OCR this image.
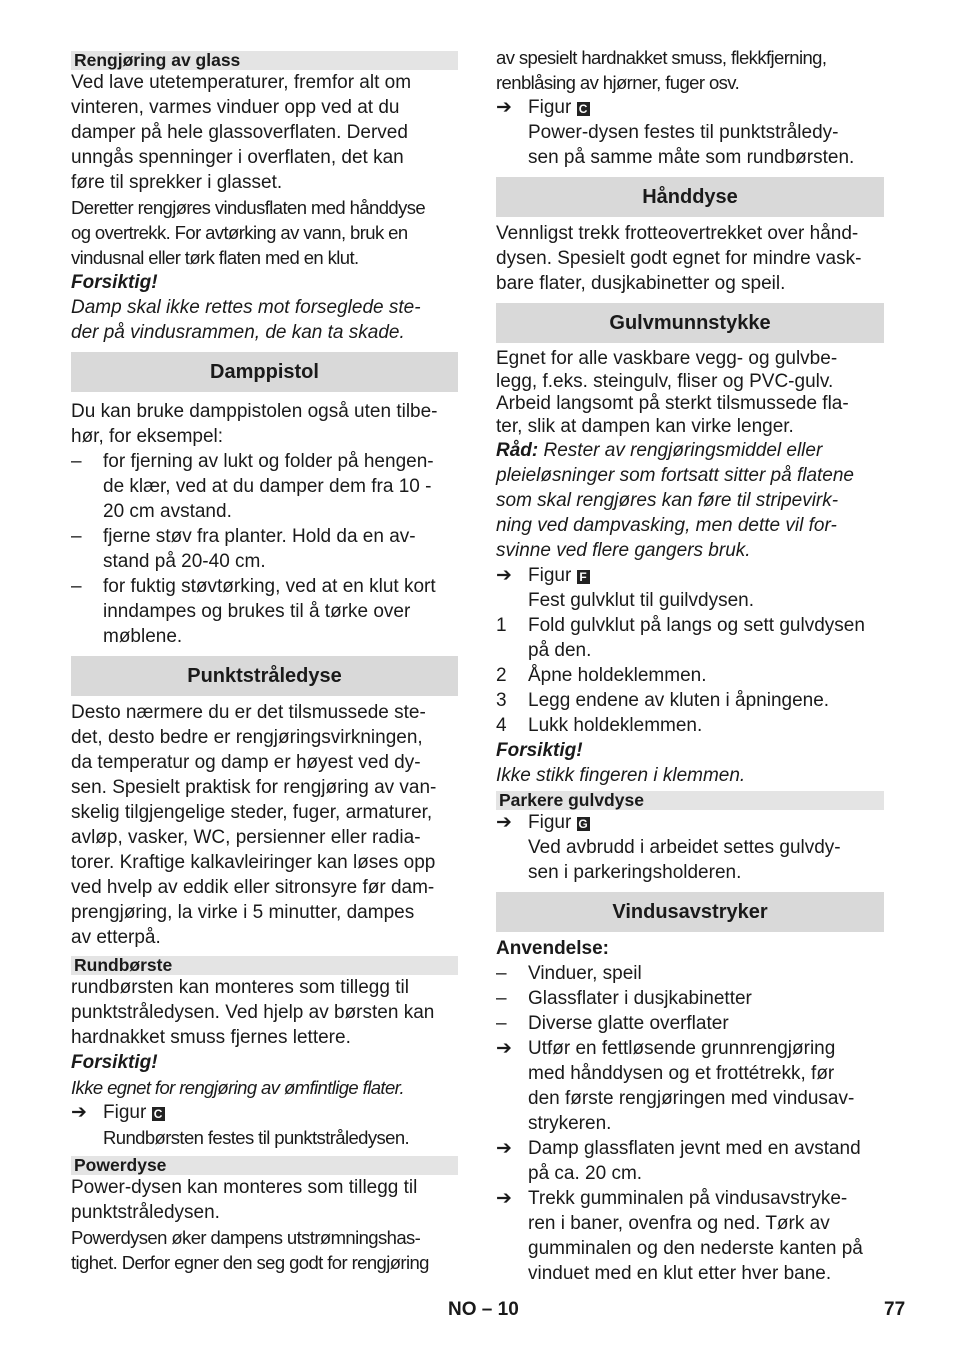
Rengjøring av glass
Ved lave utetemperaturer, fremfor alt om
vinteren, varmes vinduer opp ved at du
damper på hele glassoverflaten. Derved
unngås spenninger i overflaten, det kan
føre til sprekker i glasset.
Deretter rengjøres vindusflaten med hånddyse
og overtrekk. For avtørking av vann, bruk en
vindusnal eller tørk flaten med en klut.
Forsiktig!
Damp skal ikke rettes mot forseglede ste-
der på vindusrammen, de kan ta skade.
Damppistol
Du kan bruke damppistolen også uten tilbe-
hør, for eksempel:
–	for fjerning av lukt og folder på hengen-
de klær, ved at du damper dem fra 10 -
20 cm avstand.
–	fjerne støv fra planter. Hold da en av-
stand på 20-40 cm.
–	for fuktig støvtørking, ved at en klut kort
inndampes og brukes til å tørke over
møblene.
Punktstråledyse
Desto nærmere du er det tilsmussede ste-
det, desto bedre er rengjøringsvirkningen,
da temperatur og damp er høyest ved dy-
sen. Spesielt praktisk for rengjøring av van-
skelig tilgjengelige steder, fuger, armaturer,
avløp, vasker, WC, persienner eller radia-
torer. Kraftige kalkavleiringer kan løses opp
ved hvelp av eddik eller sitronsyre før dam-
prengjøring, la virke i 5 minutter, dampes
av etterpå.
Rundbørste
rundbørsten kan monteres som tillegg til
punktstråledysen. Ved hjelp av børsten kan
hardnakket smuss fjernes lettere.
Forsiktig!
Ikke egnet for rengjøring av ømfintlige flater.
➔ Figur C
Rundbørsten festes til punktstråledysen.
Powerdyse
Power-dysen kan monteres som tillegg til
punktstråledysen.
Powerdysen øker dampens utstrømningshas-
tighet. Derfor egner den seg godt for rengjøring
av spesielt hardnakket smuss, flekkfjerning,
renblåsing av hjørner, fuger osv.
➔ Figur C
Power-dysen festes til punktstråledy-
sen på samme måte som rundbørsten.
Hånddyse
Vennligst trekk frotteovertrekket over hånd-
dysen. Spesielt godt egnet for mindre vask-
bare flater, dusjkabinetter og speil.
Gulvmunnstykke
Egnet for alle vaskbare vegg- og gulvbe-
legg, f.eks. steingulv, fliser og PVC-gulv.
Arbeid langsomt på sterkt tilsmussede fla-
ter, slik at dampen kan virke lenger.
Råd: Rester av rengjøringsmiddel eller
pleieløsninger som fortsatt sitter på flatene
som skal rengjøres kan føre til stripevirk-
ning ved dampvasking, men dette vil for-
svinne ved flere gangers bruk.
➔ Figur F
Fest gulvklut til guilvdysen.
1	Fold gulvklut på langs og sett gulvdysen
på den.
2	Åpne holdeklemmen.
3	Legg endene av kluten i åpningene.
4	Lukk holdeklemmen.
Forsiktig!
Ikke stikk fingeren i klemmen.
Parkere gulvdyse
➔ Figur G
Ved avbrudd i arbeidet settes gulvdy-
sen i parkeringsholderen.
Vindusavstryker
Anvendelse:
–	Vinduer, speil
–	Glassflater i dusjkabinetter
–	Diverse glatte overflater
➔ Utfør en fettløsende grunnrengjøring
med hånddysen og et frottétrekk, før
den første rengjøringen med vindusav-
strykeren.
➔ Damp glassflaten jevnt med en avstand
på ca. 20 cm.
➔ Trekk gumminalen på vindusavstryke-
ren i baner, ovenfra og ned. Tørk av
gumminalen og den nederste kanten på
vinduet med en klut etter hver bane.
NO – 10	77
